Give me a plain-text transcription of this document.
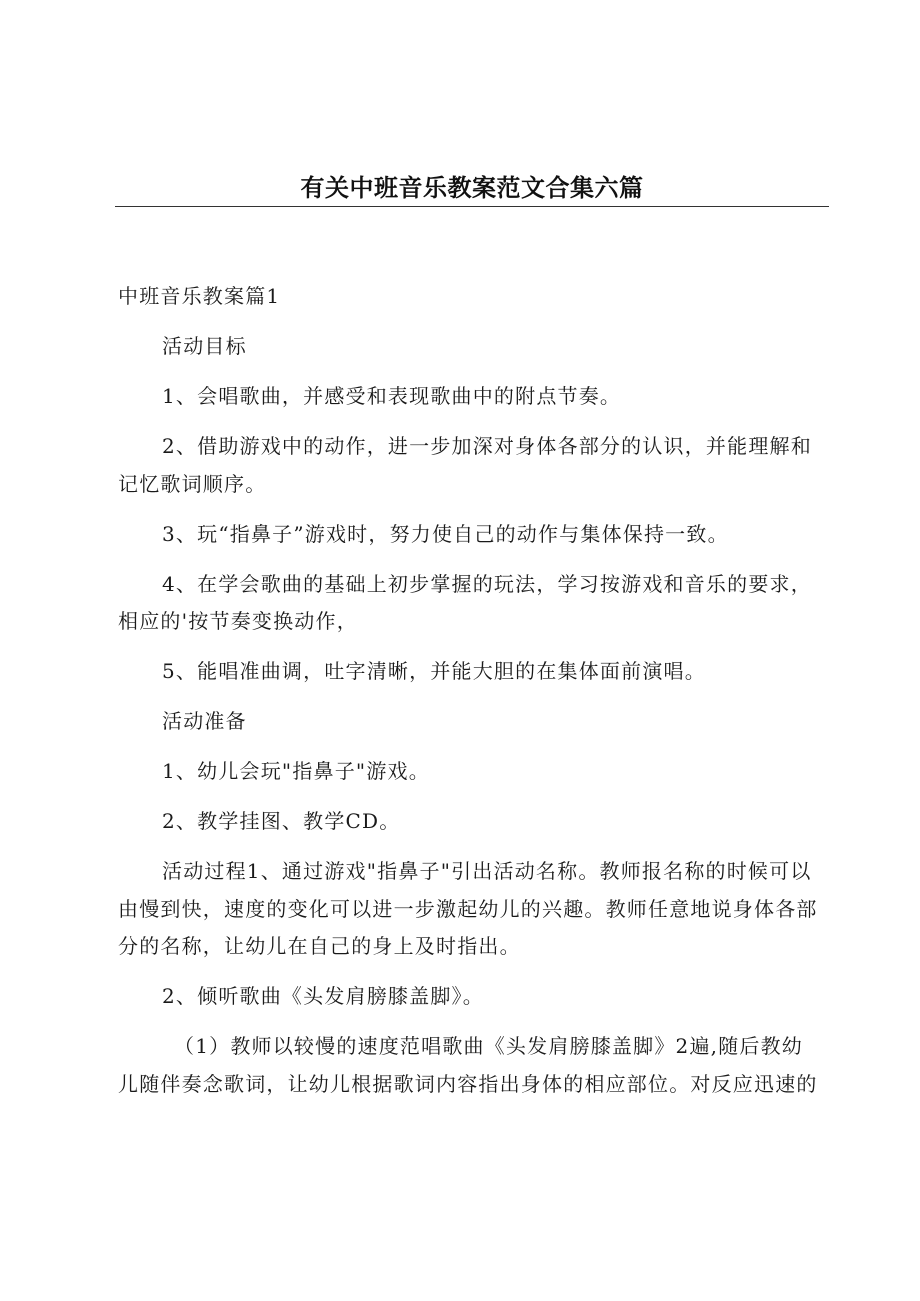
有关中班音乐教案范文合集六篇

中班音乐教案篇1

活动目标

1、会唱歌曲，并感受和表现歌曲中的附点节奏。

2、借助游戏中的动作，进一步加深对身体各部分的认识，并能理解和

记忆歌词顺序。

3、玩“指鼻子”游戏时，努力使自己的动作与集体保持一致。

4、在学会歌曲的基础上初步掌握的玩法，学习按游戏和音乐的要求，

相应的'按节奏变换动作，

5、能唱准曲调，吐字清晰，并能大胆的在集体面前演唱。

活动准备

1、幼儿会玩"指鼻子"游戏。

2、教学挂图、教学CD。

活动过程1、通过游戏"指鼻子"引出活动名称。教师报名称的时候可以

由慢到快，速度的变化可以进一步激起幼儿的兴趣。教师任意地说身体各部

分的名称，让幼儿在自己的身上及时指出。

2、倾听歌曲《头发肩膀膝盖脚》。

（1）教师以较慢的速度范唱歌曲《头发肩膀膝盖脚》2遍,随后教幼

儿随伴奏念歌词，让幼儿根据歌词内容指出身体的相应部位。对反应迅速的
